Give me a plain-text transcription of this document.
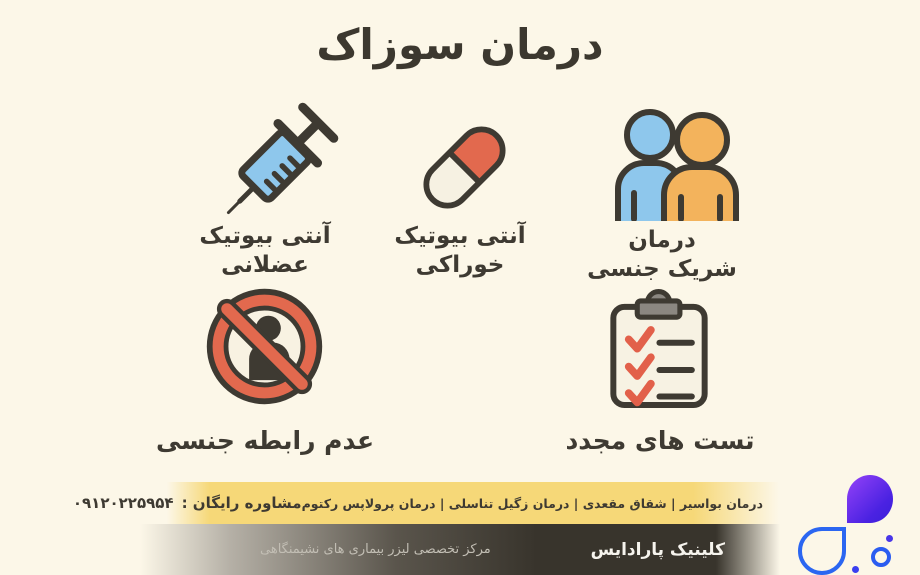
درمان سوزاک
آنتی بیوتیک
عضلانی
آنتی بیوتیک
خوراکی
درمان
شریک جنسی
عدم رابطه جنسی	تست های مجدد
درمان بواسیر | شقاق مقعدی | درمان زگیل تناسلی | درمان پرولاپس رکتوم
مشاوره رایگان :
۰۹۱۲۰۲۲۵۹۵۴
کلینیک پارادایس
مرکز تخصصی لیزر بیماری های نشیمنگاهی
